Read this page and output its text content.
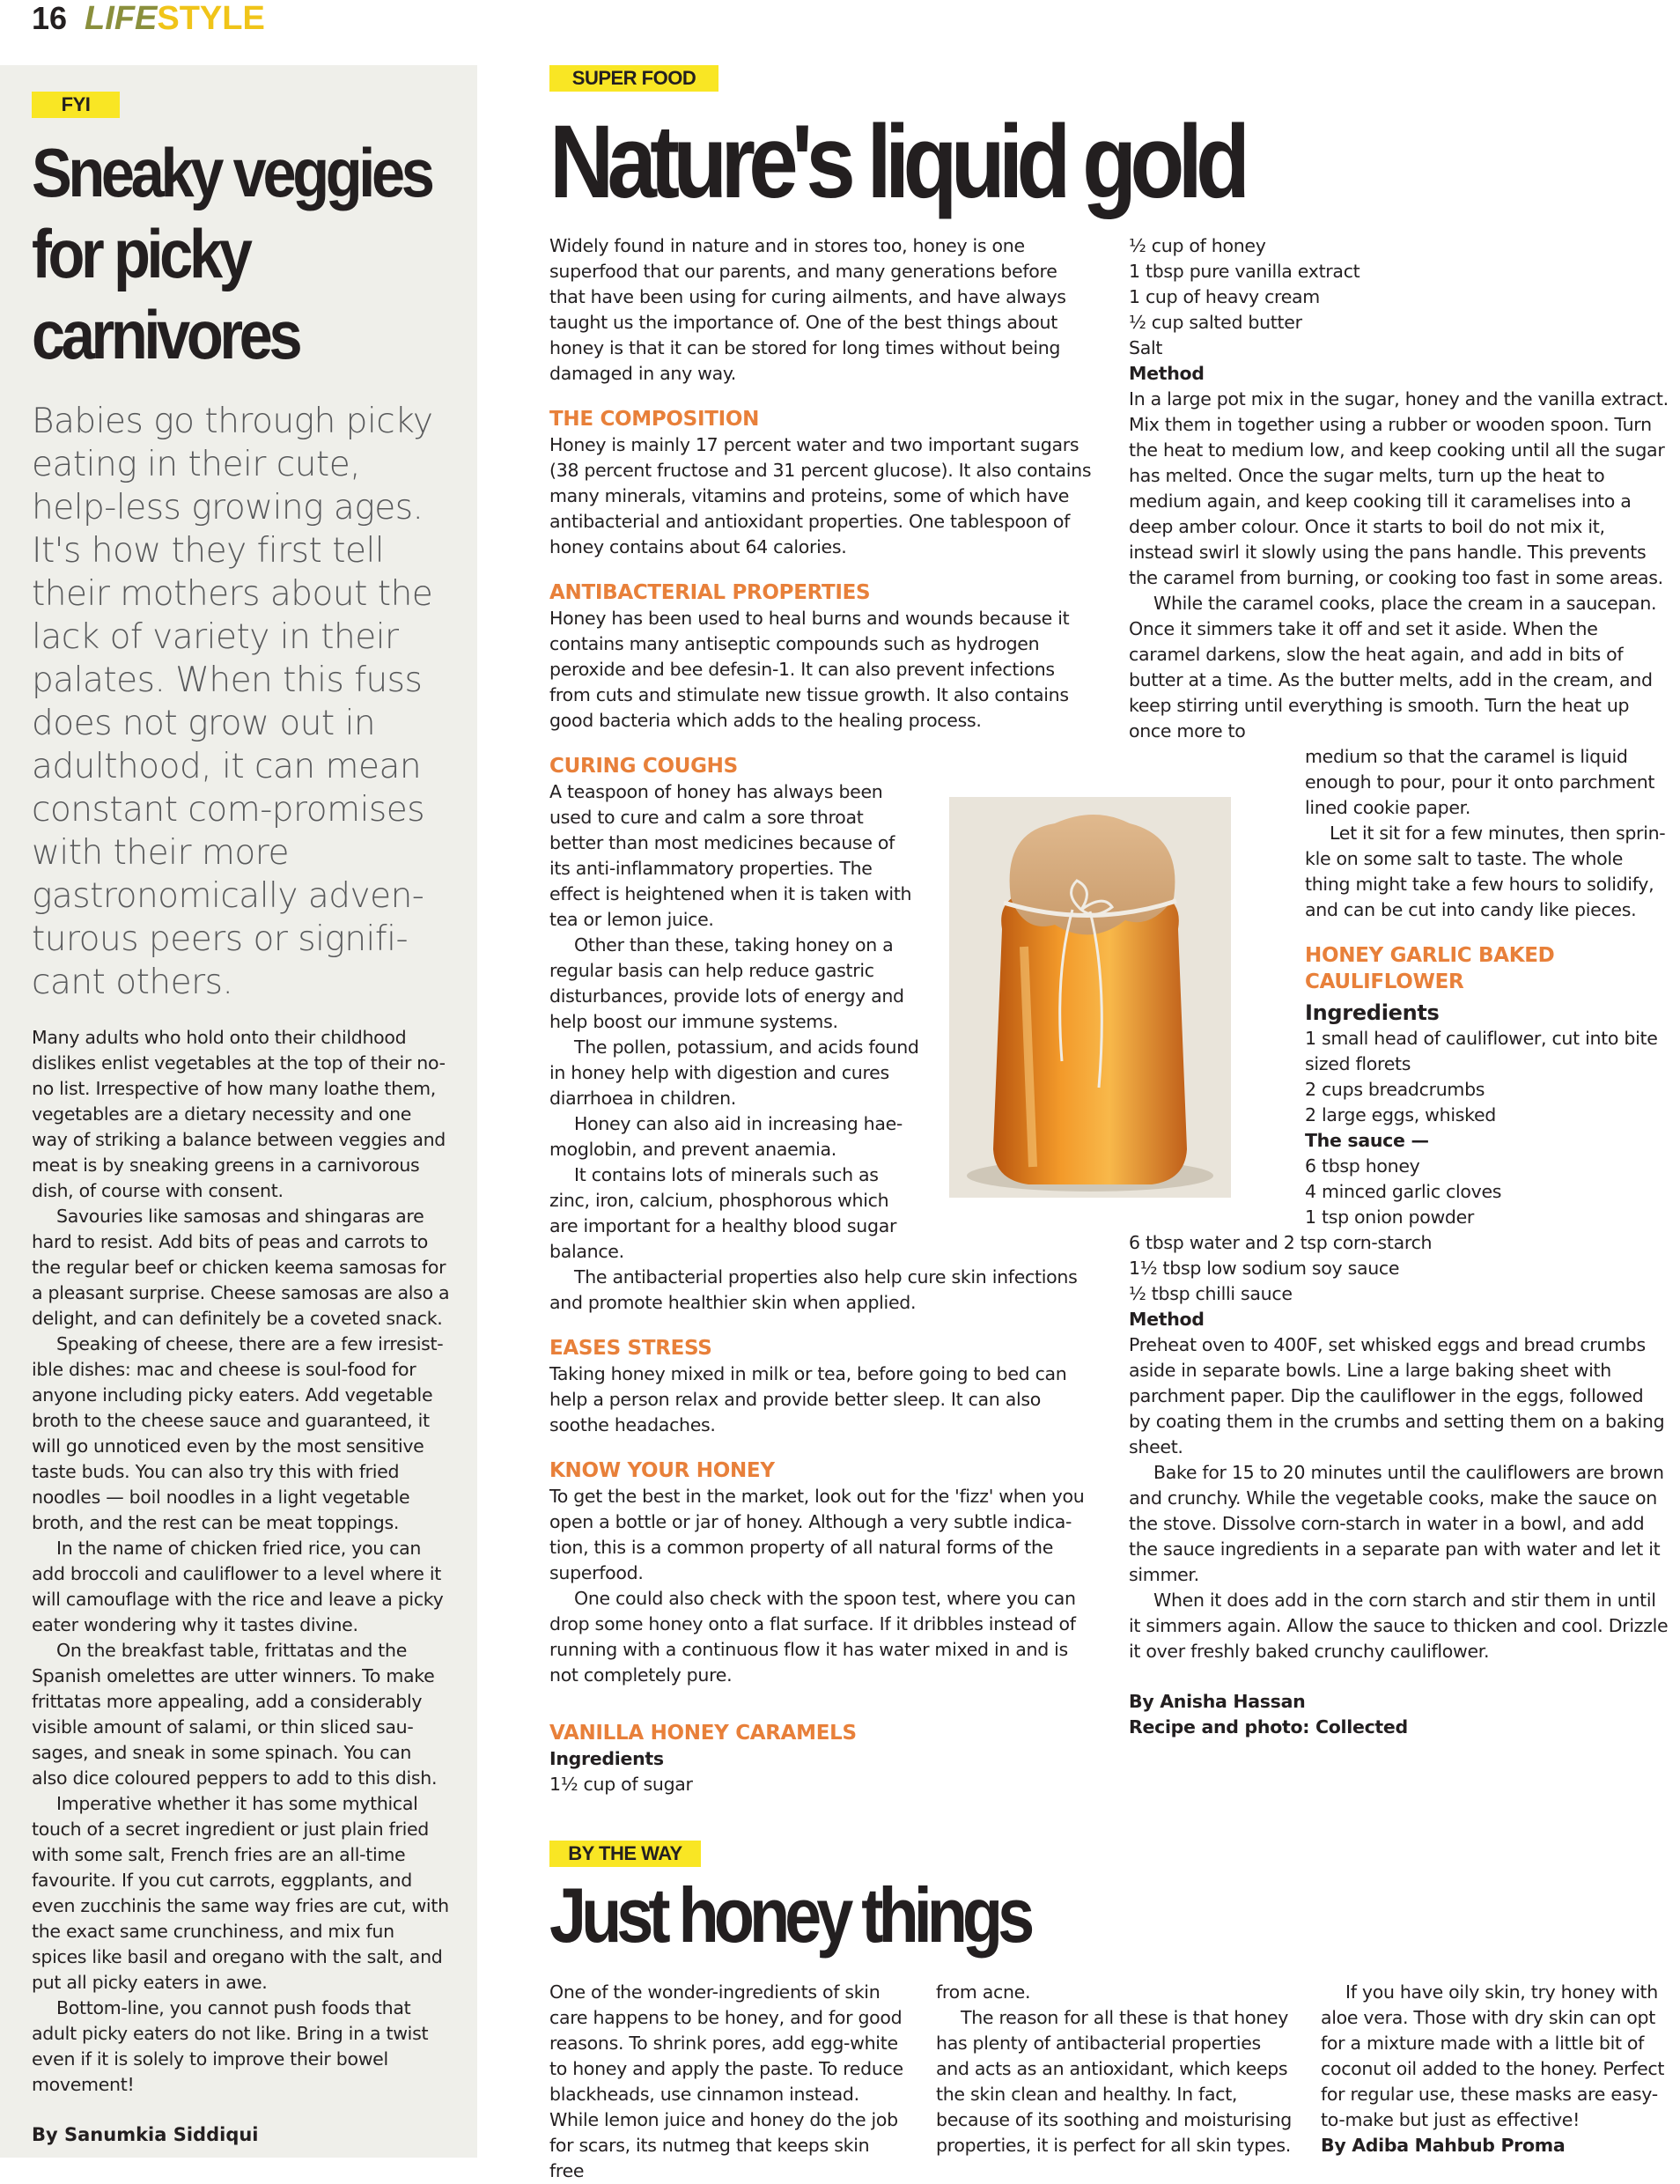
16 LIFESTYLE
FYI
Sneaky veggies for picky carnivores

Babies go through picky eating in their cute, help-less growing ages. It's how they first tell their mothers about the lack of variety in their palates. When this fuss does not grow out in adulthood, it can mean constant com-promises with their more gastronomically adven-turous peers or signifi-cant others.

Many adults who hold onto their childhood dislikes enlist vegetables at the top of their no-no list. Irrespective of how many loathe them, vegetables are a dietary necessity and one way of striking a balance between veggies and meat is by sneaking greens in a carnivorous dish, of course with consent.

Savouries like samosas and shingaras are hard to resist. Add bits of peas and carrots to the regular beef or chicken keema samosas for a pleasant surprise. Cheese samosas are also a delight, and can definitely be a coveted snack.

Speaking of cheese, there are a few irresist-ible dishes: mac and cheese is soul-food for anyone including picky eaters. Add vegetable broth to the cheese sauce and guaranteed, it will go unnoticed even by the most sensitive taste buds. You can also try this with fried noodles — boil noodles in a light vegetable broth, and the rest can be meat toppings.

In the name of chicken fried rice, you can add broccoli and cauliflower to a level where it will camouflage with the rice and leave a picky eater wondering why it tastes divine.

On the breakfast table, frittatas and the Spanish omelettes are utter winners. To make frittatas more appealing, add a considerably visible amount of salami, or thin sliced sau-sages, and sneak in some spinach. You can also dice coloured peppers to add to this dish.

Imperative whether it has some mythical touch of a secret ingredient or just plain fried with some salt, French fries are an all-time favourite. If you cut carrots, eggplants, and even zucchinis the same way fries are cut, with the exact same crunchiness, and mix fun spices like basil and oregano with the salt, and put all picky eaters in awe.

Bottom-line, you cannot push foods that adult picky eaters do not like. Bring in a twist even if it is solely to improve their bowel movement!

By Sanumkia Siddiqui
SUPER FOOD
Nature's liquid gold

Widely found in nature and in stores too, honey is one superfood that our parents, and many generations before that have been using for curing ailments, and have always taught us the importance of. One of the best things about honey is that it can be stored for long times without being damaged in any way.

THE COMPOSITION

Honey is mainly 17 percent water and two important sugars (38 percent fructose and 31 percent glucose). It also contains many minerals, vitamins and proteins, some of which have antibacterial and antioxidant properties. One tablespoon of honey contains about 64 calories.

ANTIBACTERIAL PROPERTIES

Honey has been used to heal burns and wounds because it contains many antiseptic compounds such as hydrogen peroxide and bee defesin-1. It can also prevent infections from cuts and stimulate new tissue growth. It also contains good bacteria which adds to the healing process.

CURING COUGHS

A teaspoon of honey has always been used to cure and calm a sore throat better than most medicines because of its anti-inflammatory properties. The effect is heightened when it is taken with tea or lemon juice.

Other than these, taking honey on a regular basis can help reduce gastric disturbances, provide lots of energy and help boost our immune systems.

The pollen, potassium, and acids found in honey help with digestion and cures diarrhoea in children.

Honey can also aid in increasing hae-moglobin, and prevent anaemia.

It contains lots of minerals such as zinc, iron, calcium, phosphorous which are important for a healthy blood sugar balance.

The antibacterial properties also help cure skin infections and promote healthier skin when applied.

EASES STRESS

Taking honey mixed in milk or tea, before going to bed can help a person relax and provide better sleep. It can also soothe headaches.

KNOW YOUR HONEY

To get the best in the market, look out for the 'fizz' when you open a bottle or jar of honey. Although a very subtle indica-tion, this is a common property of all natural forms of the superfood.

One could also check with the spoon test, where you can drop some honey onto a flat surface. If it dribbles instead of running with a continuous flow it has water mixed in and is not completely pure.

VANILLA HONEY CARAMELS

Ingredients

1½ cup of sugar

½ cup of honey

1 tbsp pure vanilla extract

1 cup of heavy cream

½ cup salted butter

Salt

Method

In a large pot mix in the sugar, honey and the vanilla extract. Mix them in together using a rubber or wooden spoon. Turn the heat to medium low, and keep cooking until all the sugar has melted. Once the sugar melts, turn up the heat to medium again, and keep cooking till it caramelises into a deep amber colour. Once it starts to boil do not mix it, instead swirl it slowly using the pans handle. This prevents the caramel from burning, or cooking too fast in some areas.

While the caramel cooks, place the cream in a saucepan. Once it simmers take it off and set it aside. When the caramel darkens, slow the heat again, and add in bits of butter at a time. As the butter melts, add in the cream, and keep stirring until everything is smooth. Turn the heat up once more to

medium so that the caramel is liquid enough to pour, pour it onto parchment lined cookie paper.

Let it sit for a few minutes, then sprin-kle on some salt to taste. The whole thing might take a few hours to solidify, and can be cut into candy like pieces.

HONEY GARLIC BAKED CAULIFLOWER

Ingredients

1 small head of cauliflower, cut into bite sized florets

2 cups breadcrumbs

2 large eggs, whisked

The sauce —

6 tbsp honey

4 minced garlic cloves

1 tsp onion powder

6 tbsp water and 2 tsp corn-starch

1½ tbsp low sodium soy sauce

½ tbsp chilli sauce

Method

Preheat oven to 400F, set whisked eggs and bread crumbs aside in separate bowls. Line a large baking sheet with parchment paper. Dip the cauliflower in the eggs, followed by coating them in the crumbs and setting them on a baking sheet.

Bake for 15 to 20 minutes until the cauliflowers are brown and crunchy. While the vegetable cooks, make the sauce on the stove. Dissolve corn-starch in water in a bowl, and add the sauce ingredients in a separate pan with water and let it simmer.

When it does add in the corn starch and stir them in until it simmers again. Allow the sauce to thicken and cool. Drizzle it over freshly baked crunchy cauliflower.

By Anisha Hassan

Recipe and photo: Collected

BY THE WAY
Just honey things

One of the wonder-ingredients of skin care happens to be honey, and for good reasons. To shrink pores, add egg-white to honey and apply the paste. To reduce blackheads, use cinnamon instead. While lemon juice and honey do the job for scars, its nutmeg that keeps skin free

from acne.

The reason for all these is that honey has plenty of antibacterial properties and acts as an antioxidant, which keeps the skin clean and healthy. In fact, because of its soothing and moisturising properties, it is perfect for all skin types.

If you have oily skin, try honey with aloe vera. Those with dry skin can opt for a mixture made with a little bit of coconut oil added to the honey. Perfect for regular use, these masks are easy-to-make but just as effective!

By Adiba Mahbub Proma
